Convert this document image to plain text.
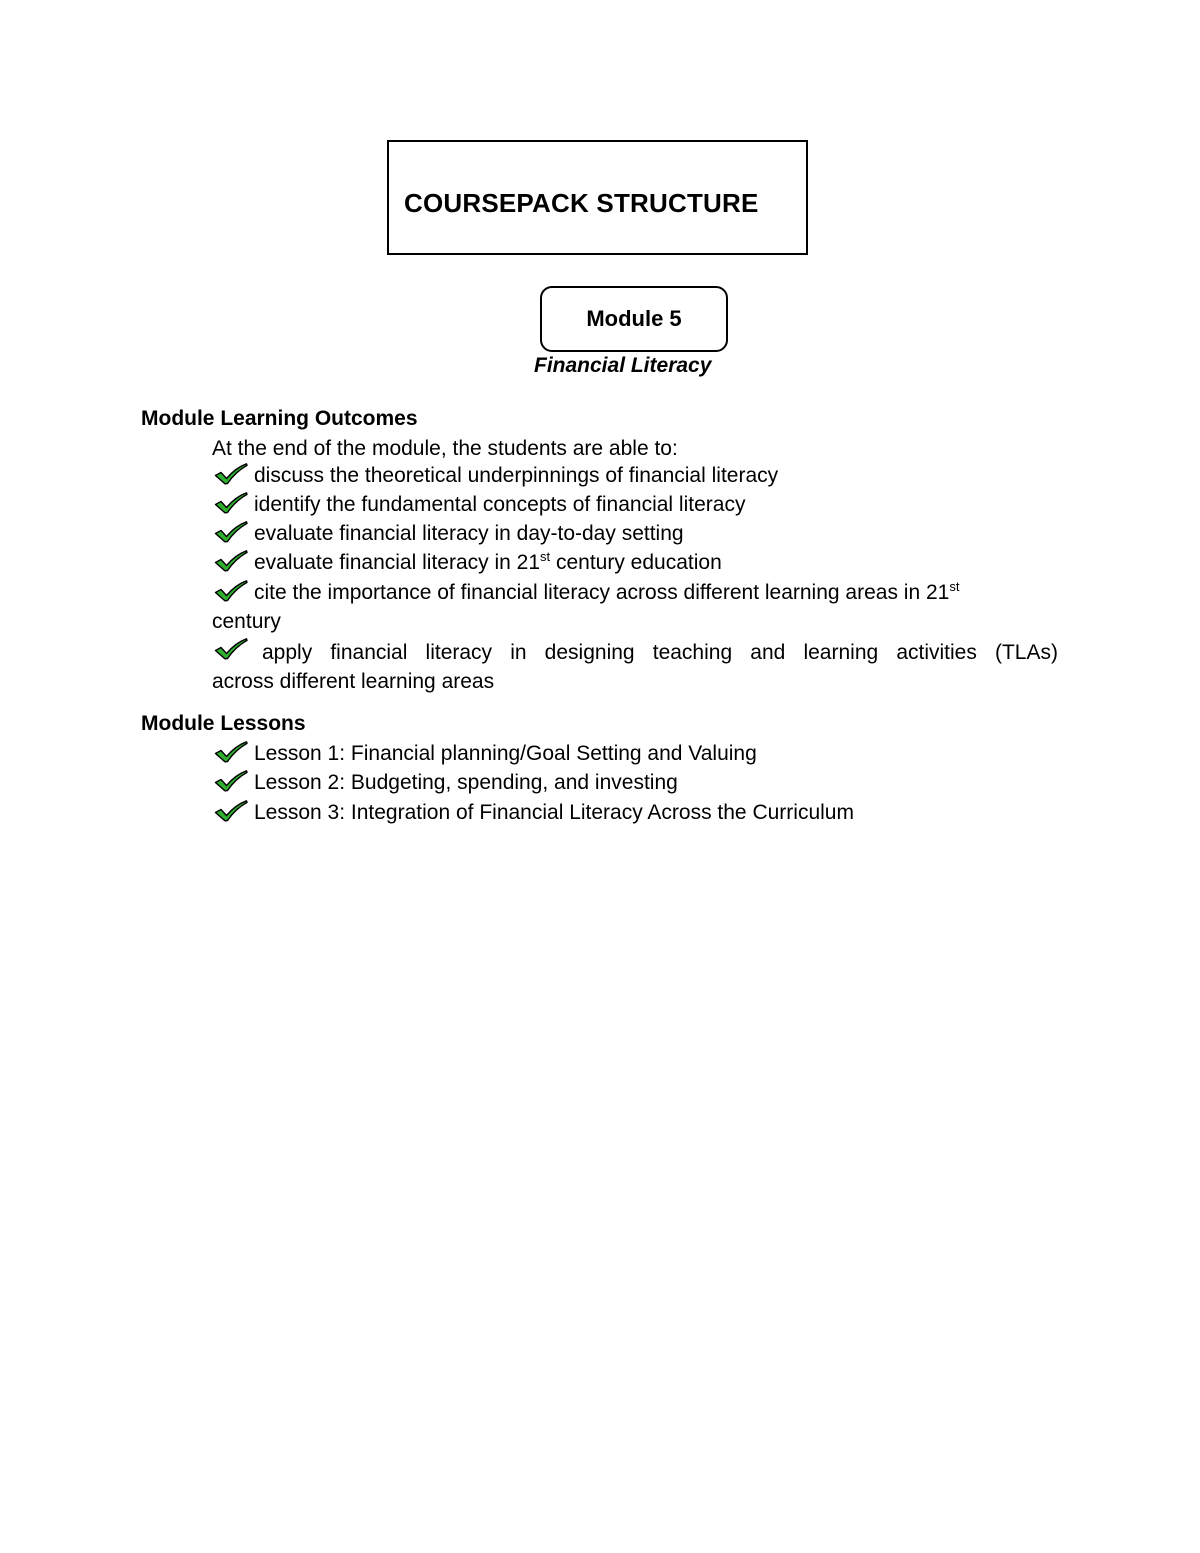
COURSEPACK STRUCTURE
Module 5
Financial Literacy
Module Learning Outcomes
At the end of the module, the students are able to:
discuss the theoretical underpinnings of financial literacy
identify the fundamental concepts of financial literacy
evaluate financial literacy in day-to-day setting
evaluate financial literacy in 21st century education
cite the importance of financial literacy across different learning areas in 21st
century
apply financial literacy in designing teaching and learning activities (TLAs)
across different learning areas
Module Lessons
Lesson 1: Financial planning/Goal Setting and Valuing
Lesson 2: Budgeting, spending, and investing
Lesson 3: Integration of Financial Literacy Across the Curriculum
